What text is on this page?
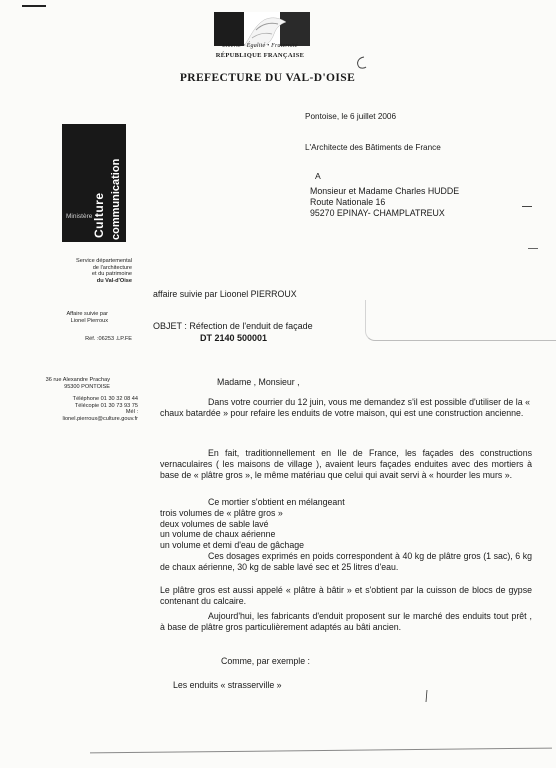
Liberté • Égalité • Fraternité
RÉPUBLIQUE FRANÇAISE
PREFECTURE DU VAL-D'OISE
Culture communication
Ministère
Service départemental
de l'architecture
et du patrimoine
du Val-d'Oise
Affaire suivie par
Lionel Pierroux
Réf. :06253 .LP.FE
36 rue Alexandre Prachay
95300 PONTOISE
Téléphone 01 30 32 08 44
Télécopie 01 30 73 93 75
Mél :
lionel.pierroux@culture.gouv.fr
Pontoise, le 6 juillet 2006
L'Architecte des Bâtiments de France
A
Monsieur et Madame Charles HUDDE
Route Nationale 16
95270 EPINAY- CHAMPLATREUX
affaire suivie par Lioonel PIERROUX
OBJET : Réfection de l'enduit de façade
DT 2140 500001
Madame , Monsieur ,
Dans votre courrier du 12 juin, vous me demandez s'il est possible d'utiliser de la « chaux batardée » pour refaire les enduits de votre maison, qui est une construction ancienne.
En fait, traditionnellement en Ile de France, les façades des constructions vernaculaires ( les maisons de village ), avaient leurs façades enduites avec des mortiers à base de « plâtre gros », le même matériau que celui qui avait servi à « hourder les murs ».
Ce mortier s'obtient en mélangeant
trois volumes de « plâtre gros »
deux volumes de sable lavé
un volume de chaux aérienne
un volume et demi d'eau de gâchage
Ces dosages exprimés en poids correspondent à 40 kg de plâtre gros (1 sac), 6 kg de chaux aérienne, 30 kg de sable lavé sec et 25 litres d'eau.
Le plâtre gros est aussi appelé « plâtre à bâtir » et s'obtient par la cuisson de blocs de gypse contenant du calcaire.
Aujourd'hui, les fabricants d'enduit proposent sur le marché des enduits tout prêt , à base de plâtre gros particulièrement adaptés au bâti ancien.
Comme, par exemple :
Les enduits « strasserville »
